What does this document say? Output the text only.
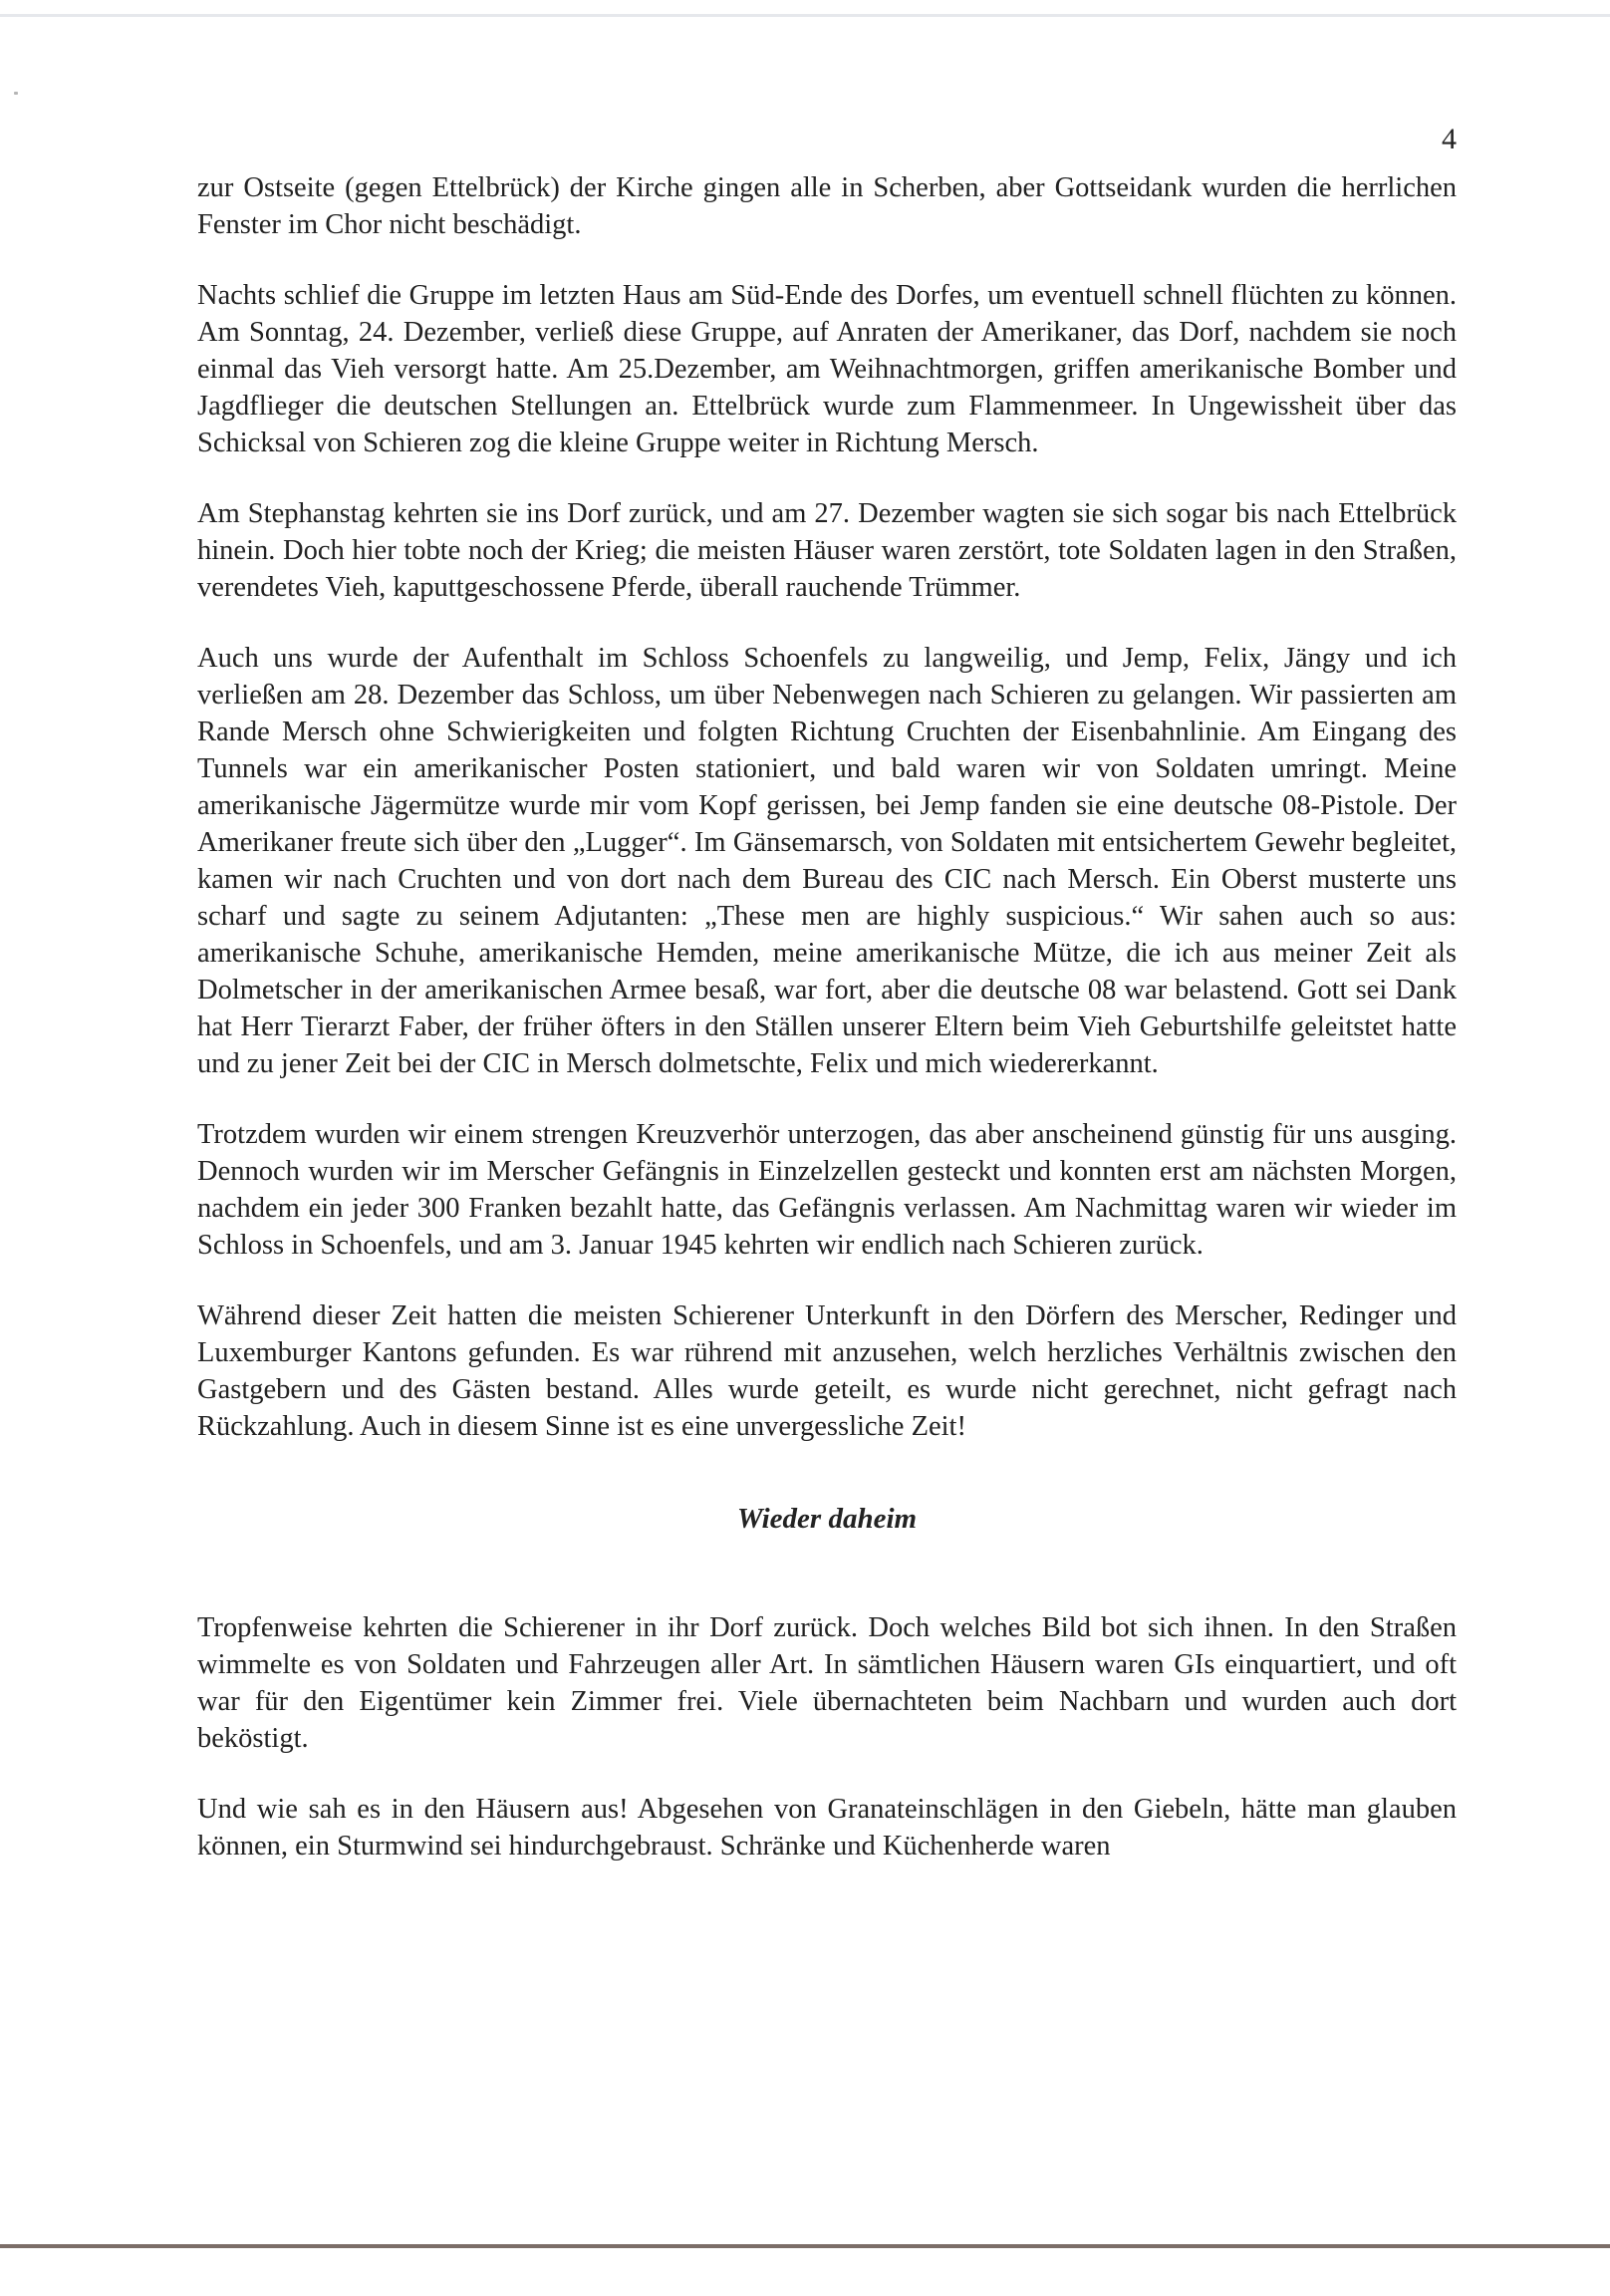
4

zur Ostseite (gegen Ettelbrück) der Kirche gingen alle in Scherben, aber Gottseidank wurden die herrlichen Fenster im Chor nicht beschädigt.

Nachts schlief die Gruppe im letzten Haus am Süd-Ende des Dorfes, um eventuell schnell flüchten zu können. Am Sonntag, 24. Dezember, verließ diese Gruppe, auf Anraten der Amerikaner, das Dorf, nachdem sie noch einmal das Vieh versorgt hatte. Am 25.Dezember, am Weihnachtmorgen, griffen amerikanische Bomber und Jagdflieger die deutschen Stellungen an. Ettelbrück wurde zum Flammenmeer. In Ungewissheit über das Schicksal von Schieren zog die kleine Gruppe weiter in Richtung Mersch.

Am Stephanstag kehrten sie ins Dorf zurück, und am 27. Dezember wagten sie sich sogar bis nach Ettelbrück hinein. Doch hier tobte noch der Krieg; die meisten Häuser waren zerstört, tote Soldaten lagen in den Straßen, verendetes Vieh, kaputtgeschossene Pferde, überall rauchende Trümmer.

Auch uns wurde der Aufenthalt im Schloss Schoenfels zu langweilig, und Jemp, Felix, Jängy und ich verließen am 28. Dezember das Schloss, um über Nebenwegen nach Schieren zu gelangen. Wir passierten am Rande Mersch ohne Schwierigkeiten und folgten Richtung Cruchten der Eisenbahnlinie. Am Eingang des Tunnels war ein amerikanischer Posten stationiert, und bald waren wir von Soldaten umringt. Meine amerikanische Jägermütze wurde mir vom Kopf gerissen, bei Jemp fanden sie eine deutsche 08-Pistole. Der Amerikaner freute sich über den „Lugger“. Im Gänsemarsch, von Soldaten mit entsichertem Gewehr begleitet, kamen wir nach Cruchten und von dort nach dem Bureau des CIC nach Mersch. Ein Oberst musterte uns scharf und sagte zu seinem Adjutanten: „These men are highly suspicious.“ Wir sahen auch so aus: amerikanische Schuhe, amerikanische Hemden, meine amerikanische Mütze, die ich aus meiner Zeit als Dolmetscher in der amerikanischen Armee besaß, war fort, aber die deutsche 08 war belastend. Gott sei Dank hat Herr Tierarzt Faber, der früher öfters in den Ställen unserer Eltern beim Vieh Geburtshilfe geleitstet hatte und zu jener Zeit bei der CIC in Mersch dolmetschte, Felix und mich wiedererkannt.

Trotzdem wurden wir einem strengen Kreuzverhör unterzogen, das aber anscheinend günstig für uns ausging. Dennoch wurden wir im Merscher Gefängnis in Einzelzellen gesteckt und konnten erst am nächsten Morgen, nachdem ein jeder 300 Franken bezahlt hatte, das Gefängnis verlassen. Am Nachmittag waren wir wieder im Schloss in Schoenfels, und am 3. Januar 1945 kehrten wir endlich nach Schieren zurück.

Während dieser Zeit hatten die meisten Schierener Unterkunft in den Dörfern des Merscher, Redinger und Luxemburger Kantons gefunden. Es war rührend mit anzusehen, welch herzliches Verhältnis zwischen den Gastgebern und des Gästen bestand. Alles wurde geteilt, es wurde nicht gerechnet, nicht gefragt nach Rückzahlung. Auch in diesem Sinne ist es eine unvergessliche Zeit!

Wieder daheim

Tropfenweise kehrten die Schierener in ihr Dorf zurück. Doch welches Bild bot sich ihnen. In den Straßen wimmelte es von Soldaten und Fahrzeugen aller Art. In sämtlichen Häusern waren GIs einquartiert, und oft war für den Eigentümer kein Zimmer frei. Viele übernachteten beim Nachbarn und wurden auch dort beköstigt.

Und wie sah es in den Häusern aus! Abgesehen von Granateinschlägen in den Giebeln, hätte man glauben können, ein Sturmwind sei hindurchgebraust. Schränke und Küchenherde waren
